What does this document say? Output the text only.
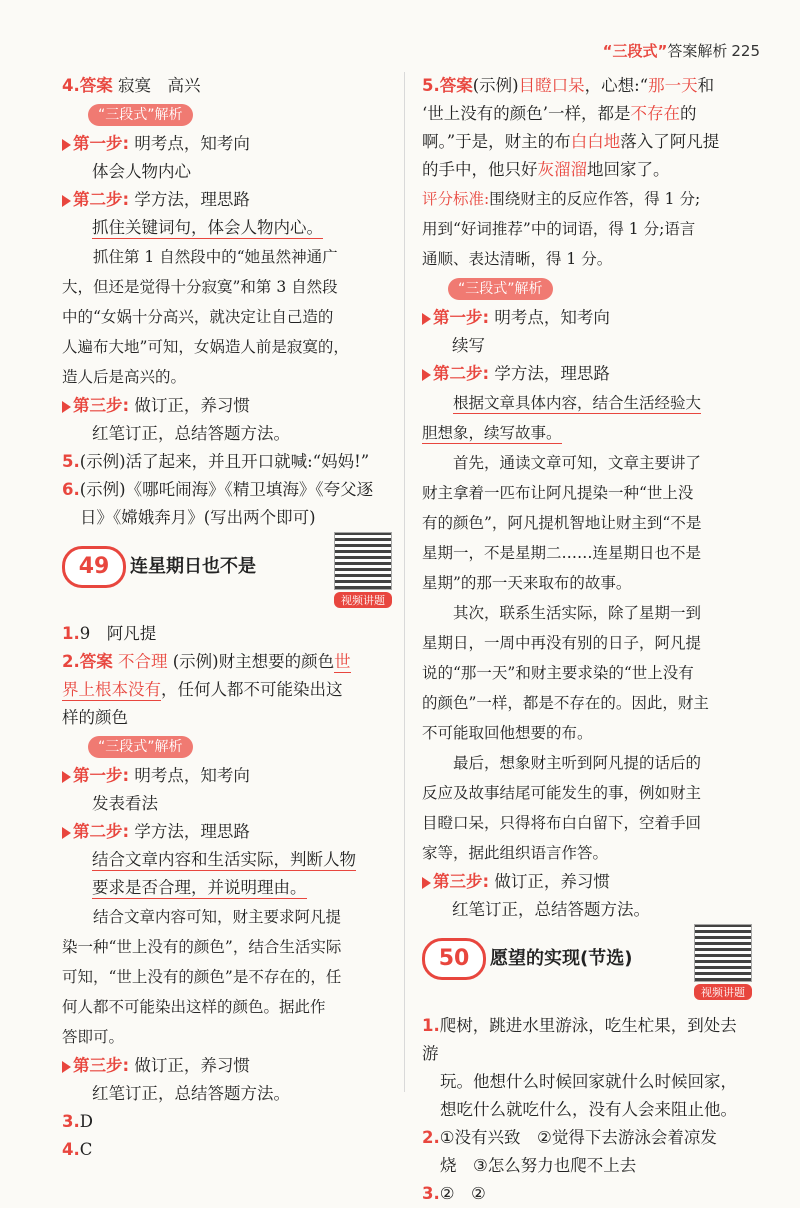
“三段式”答案解析 225
4.答案 寂寞　高兴
“三段式”解析
第一步: 明考点，知考向
体会人物内心
第二步: 学方法，理思路
抓住关键词句，体会人物内心。
抓住第 1 自然段中的“她虽然神通广
大，但还是觉得十分寂寞”和第 3 自然段
中的“女娲十分高兴，就决定让自己造的
人遍布大地”可知，女娲造人前是寂寞的，
造人后是高兴的。
第三步: 做订正，养习惯
红笔订正，总结答题方法。
5.(示例)活了起来，并且开口就喊:“妈妈!”
6.(示例)《哪吒闹海》《精卫填海》《夸父逐
日》《嫦娥奔月》(写出两个即可)
49	连星期日也不是
视频讲题
1.9　阿凡提
2.答案 不合理 (示例)财主想要的颜色世
界上根本没有，任何人都不可能染出这
样的颜色
“三段式”解析
第一步: 明考点，知考向
发表看法
第二步: 学方法，理思路
结合文章内容和生活实际，判断人物
要求是否合理，并说明理由。
结合文章内容可知，财主要求阿凡提
染一种“世上没有的颜色”，结合生活实际
可知，“世上没有的颜色”是不存在的，任
何人都不可能染出这样的颜色。据此作
答即可。
第三步: 做订正，养习惯
红笔订正，总结答题方法。
3.D
4.C
5.答案(示例)目瞪口呆，心想:“那一天和
‘世上没有的颜色’一样，都是不存在的
啊。”于是，财主的布白白地落入了阿凡提
的手中，他只好灰溜溜地回家了。
评分标准:围绕财主的反应作答，得 1 分;
用到“好词推荐”中的词语，得 1 分;语言
通顺、表达清晰，得 1 分。
“三段式”解析
第一步: 明考点，知考向
续写
第二步: 学方法，理思路
根据文章具体内容，结合生活经验大
胆想象，续写故事。
首先，通读文章可知，文章主要讲了
财主拿着一匹布让阿凡提染一种“世上没
有的颜色”，阿凡提机智地让财主到“不是
星期一，不是星期二……连星期日也不是
星期”的那一天来取布的故事。
其次，联系生活实际，除了星期一到
星期日，一周中再没有别的日子，阿凡提
说的“那一天”和财主要求染的“世上没有
的颜色”一样，都是不存在的。因此，财主
不可能取回他想要的布。
最后，想象财主听到阿凡提的话后的
反应及故事结尾可能发生的事，例如财主
目瞪口呆，只得将布白白留下，空着手回
家等，据此组织语言作答。
第三步: 做订正，养习惯
红笔订正，总结答题方法。
50	愿望的实现(节选)
视频讲题
1.爬树，跳进水里游泳，吃生杧果，到处去游
玩。他想什么时候回家就什么时候回家，
想吃什么就吃什么，没有人会来阻止他。
2.①没有兴致　②觉得下去游泳会着凉发
烧　③怎么努力也爬不上去
3.②　②
